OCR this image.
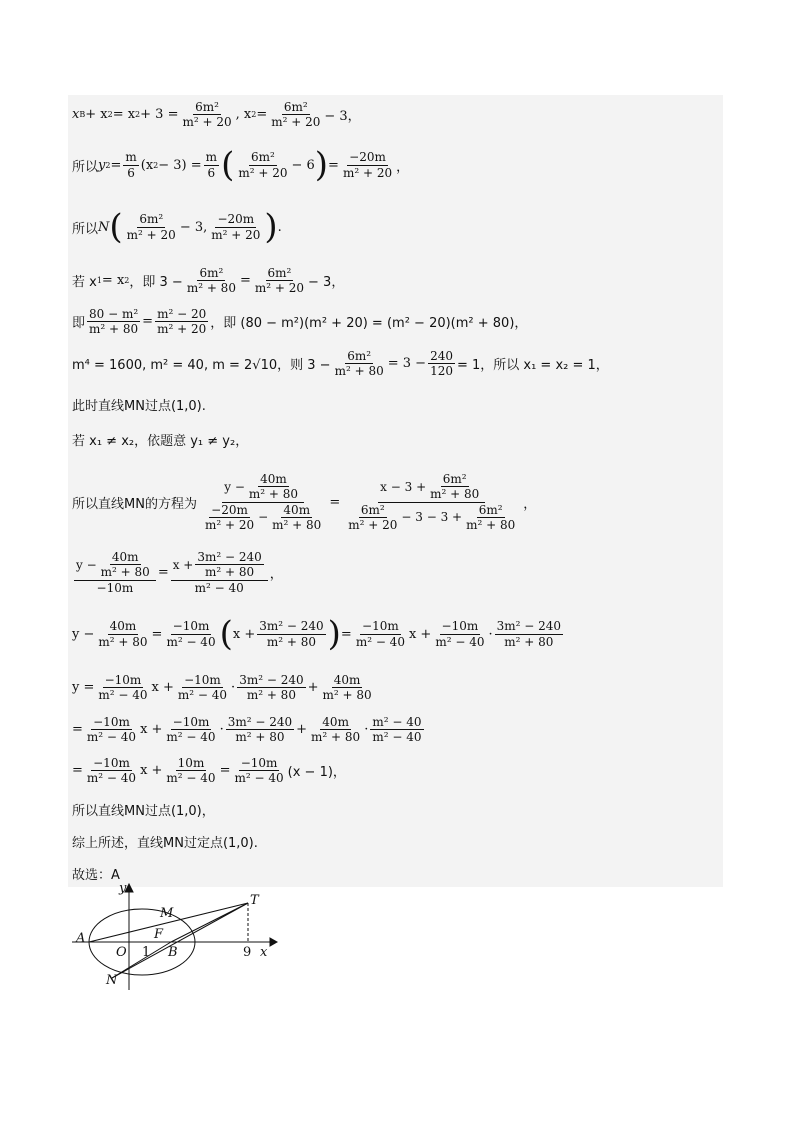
x B + x 2 = x $2 + 3 = \frac{\text{6m²}}{\text{m² + 20}}$ , x $2 = \frac{\text{6m²}}{\text{m² + 20}} - 3$，
所以 y $2 = \frac{m}{6} (x$ $2 - 3) = \frac{m}{6}$ ( $\frac{\text{6m²}}{\text{m² + 20}} - 6$ ) = $\frac{-20m}{\text{m² + 20}}$ ，
所以 N ( $\frac{\text{6m²}}{\text{m² + 20}} - 3$, $\frac{-20m}{\text{m² + 20}}$ ) .
若 x 1 = x 2 ，即 $3 - \frac{\text{6m²}}{\text{m² + 80}} = \frac{\text{6m²}}{\text{m² + 20}} - 3$，
即 $\frac{\text{80 − m²}}{\text{m² + 80}} = \frac{\text{m² − 20}}{\text{m² + 20}}$ ，即 (80 − m²)(m² + 20) = (m² − 20)(m² + 80)，
m⁴ = 1600, m² = 40, m = 2√10，则 $3 - \frac{\text{6m²}}{\text{m² + 80}} = 3 - \frac{240}{120} = 1$，所以 x₁ = x₂ = 1，
此时直线MN过点(1,0).
若 x₁ ≠ x₂，依题意 y₁ ≠ y₂，
所以直线MN的方程为 $\frac{y - \frac{40m}{\text{m² + 80}}}{\frac{-20m}{\text{m² + 20}} - \frac{40m}{\text{m² + 80}}} = \frac{x - 3 + \frac{\text{6m²}}{\text{m² + 80}}}{\frac{\text{6m²}}{\text{m² + 20}} - 3 - 3 + \frac{\text{6m²}}{\text{m² + 80}}}$ ，
$\frac{y - \frac{40m}{\text{m² + 80}}}{-10m} = \frac{x + \frac{\text{3m² − 240}}{\text{m² + 80}}}{\text{m² − 40}}$ ，
$y - \frac{40m}{\text{m² + 80}} = \frac{-10m}{\text{m² − 40}}$ ( $x + \frac{\text{3m² − 240}}{\text{m² + 80}}$ ) = $\frac{-10m}{\text{m² − 40}}$ $x + \frac{-10m}{\text{m² − 40}} \cdot \frac{\text{3m² − 240}}{\text{m² + 80}}$
$y = \frac{-10m}{\text{m² − 40}}$ $x + \frac{-10m}{\text{m² − 40}} \cdot \frac{\text{3m² − 240}}{\text{m² + 80}} + \frac{40m}{\text{m² + 80}}$
= $\frac{-10m}{\text{m² − 40}}$ $x + \frac{-10m}{\text{m² − 40}} \cdot \frac{\text{3m² − 240}}{\text{m² + 80}} + \frac{40m}{\text{m² + 80}} \cdot \frac{\text{m² − 40}}{\text{m² − 40}}$
= $\frac{-10m}{\text{m² − 40}}$ $x + \frac{10m}{\text{m² − 40}} = \frac{-10m}{\text{m² − 40}} (x - 1)$，
所以直线MN过点(1,0)，
综上所述，直线MN过定点(1,0).
故选：A
y
x
T
M
A	F
O	B
N
1	9
